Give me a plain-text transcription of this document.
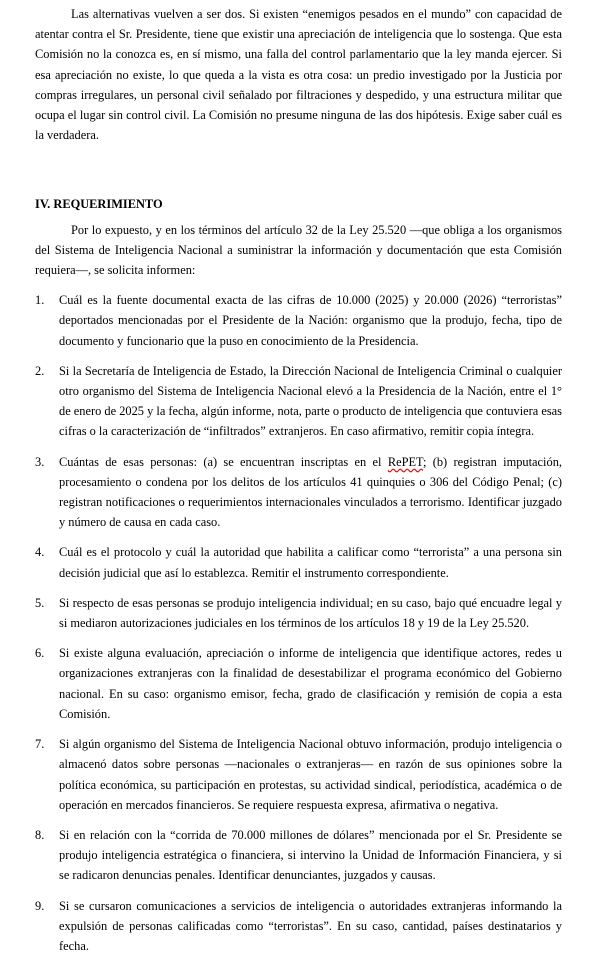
Las alternativas vuelven a ser dos. Si existen “enemigos pesados en el mundo” con capacidad de atentar contra el Sr. Presidente, tiene que existir una apreciación de inteligencia que lo sostenga. Que esta Comisión no la conozca es, en sí mismo, una falla del control parlamentario que la ley manda ejercer. Si esa apreciación no existe, lo que queda a la vista es otra cosa: un predio investigado por la Justicia por compras irregulares, un personal civil señalado por filtraciones y despedido, y una estructura militar que ocupa el lugar sin control civil. La Comisión no presume ninguna de las dos hipótesis. Exige saber cuál es la verdadera.

IV. REQUERIMIENTO

Por lo expuesto, y en los términos del artículo 32 de la Ley 25.520 —que obliga a los organismos del Sistema de Inteligencia Nacional a suministrar la información y documentación que esta Comisión requiera—, se solicita informen:

1.	Cuál es la fuente documental exacta de las cifras de 10.000 (2025) y 20.000 (2026) “terroristas” deportados mencionadas por el Presidente de la Nación: organismo que la produjo, fecha, tipo de documento y funcionario que la puso en conocimiento de la Presidencia.
2.	Si la Secretaría de Inteligencia de Estado, la Dirección Nacional de Inteligencia Criminal o cualquier otro organismo del Sistema de Inteligencia Nacional elevó a la Presidencia de la Nación, entre el 1° de enero de 2025 y la fecha, algún informe, nota, parte o producto de inteligencia que contuviera esas cifras o la caracterización de “infiltrados” extranjeros. En caso afirmativo, remitir copia íntegra.
3.	Cuántas de esas personas: (a) se encuentran inscriptas en el RePET; (b) registran imputación, procesamiento o condena por los delitos de los artículos 41 quinquies o 306 del Código Penal; (c) registran notificaciones o requerimientos internacionales vinculados a terrorismo. Identificar juzgado y número de causa en cada caso.
4.	Cuál es el protocolo y cuál la autoridad que habilita a calificar como “terrorista” a una persona sin decisión judicial que así lo establezca. Remitir el instrumento correspondiente.
5.	Si respecto de esas personas se produjo inteligencia individual; en su caso, bajo qué encuadre legal y si mediaron autorizaciones judiciales en los términos de los artículos 18 y 19 de la Ley 25.520.
6.	Si existe alguna evaluación, apreciación o informe de inteligencia que identifique actores, redes u organizaciones extranjeras con la finalidad de desestabilizar el programa económico del Gobierno nacional. En su caso: organismo emisor, fecha, grado de clasificación y remisión de copia a esta Comisión.
7.	Si algún organismo del Sistema de Inteligencia Nacional obtuvo información, produjo inteligencia o almacenó datos sobre personas —nacionales o extranjeras— en razón de sus opiniones sobre la política económica, su participación en protestas, su actividad sindical, periodística, académica o de operación en mercados financieros. Se requiere respuesta expresa, afirmativa o negativa.
8.	Si en relación con la “corrida de 70.000 millones de dólares” mencionada por el Sr. Presidente se produjo inteligencia estratégica o financiera, si intervino la Unidad de Información Financiera, y si se radicaron denuncias penales. Identificar denunciantes, juzgados y causas.
9.	Si se cursaron comunicaciones a servicios de inteligencia o autoridades extranjeras informando la expulsión de personas calificadas como “terroristas”. En su caso, cantidad, países destinatarios y fecha.
